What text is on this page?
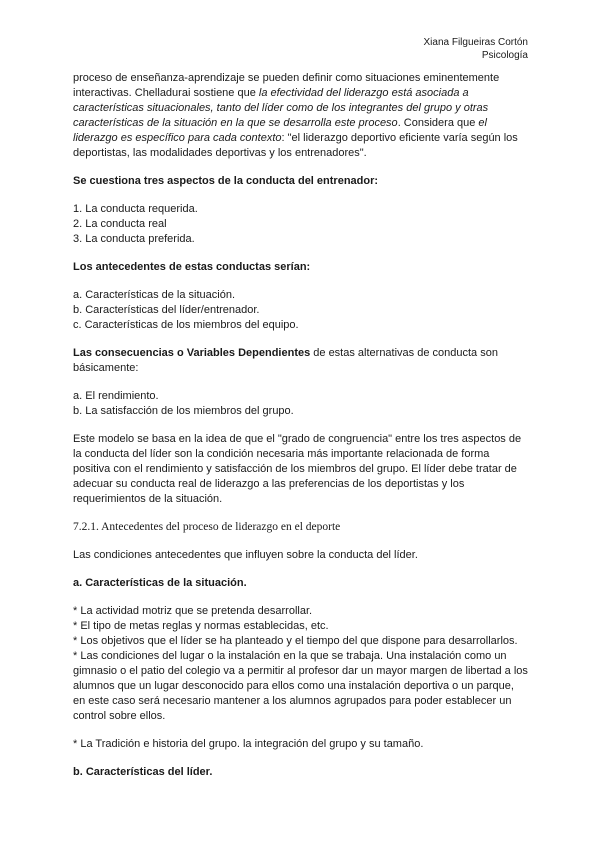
Xiana Filgueiras Cortón
Psicología

proceso de enseñanza-aprendizaje se pueden definir como situaciones eminentemente interactivas. Chelladurai sostiene que la efectividad del liderazgo está asociada a características situacionales, tanto del líder como de los integrantes del grupo y otras características de la situación en la que se desarrolla este proceso. Considera que el liderazgo es específico para cada contexto: "el liderazgo deportivo eficiente varía según los deportistas, las modalidades deportivas y los entrenadores".

Se cuestiona tres aspectos de la conducta del entrenador:

1. La conducta requerida.
2. La conducta real
3. La conducta preferida.

Los antecedentes de estas conductas serían:

a. Características de la situación.
b. Características del líder/entrenador.
c. Características de los miembros del equipo.

Las consecuencias o Variables Dependientes de estas alternativas de conducta son básicamente:

a. El rendimiento.
b. La satisfacción de los miembros del grupo.

Este modelo se basa en la idea de que el "grado de congruencia" entre los tres aspectos de la conducta del líder son la condición necesaria más importante relacionada de forma positiva con el rendimiento y satisfacción de los miembros del grupo. El líder debe tratar de adecuar su conducta real de liderazgo a las preferencias de los deportistas y los requerimientos de la situación.

7.2.1. Antecedentes del proceso de liderazgo en el deporte

Las condiciones antecedentes que influyen sobre la conducta del líder.

a. Características de la situación.

* La actividad motriz que se pretenda desarrollar.
* El tipo de metas reglas y normas establecidas, etc.
* Los objetivos que el líder se ha planteado y el tiempo del que dispone para desarrollarlos.
* Las condiciones del lugar o la instalación en la que se trabaja. Una instalación como un gimnasio o el patio del colegio va a permitir al profesor dar un mayor margen de libertad a los alumnos que un lugar desconocido para ellos como una instalación deportiva o un parque, en este caso será necesario mantener a los alumnos agrupados para poder establecer un control sobre ellos.

* La Tradición e historia del grupo. la integración del grupo y su tamaño.

b. Características del líder.
